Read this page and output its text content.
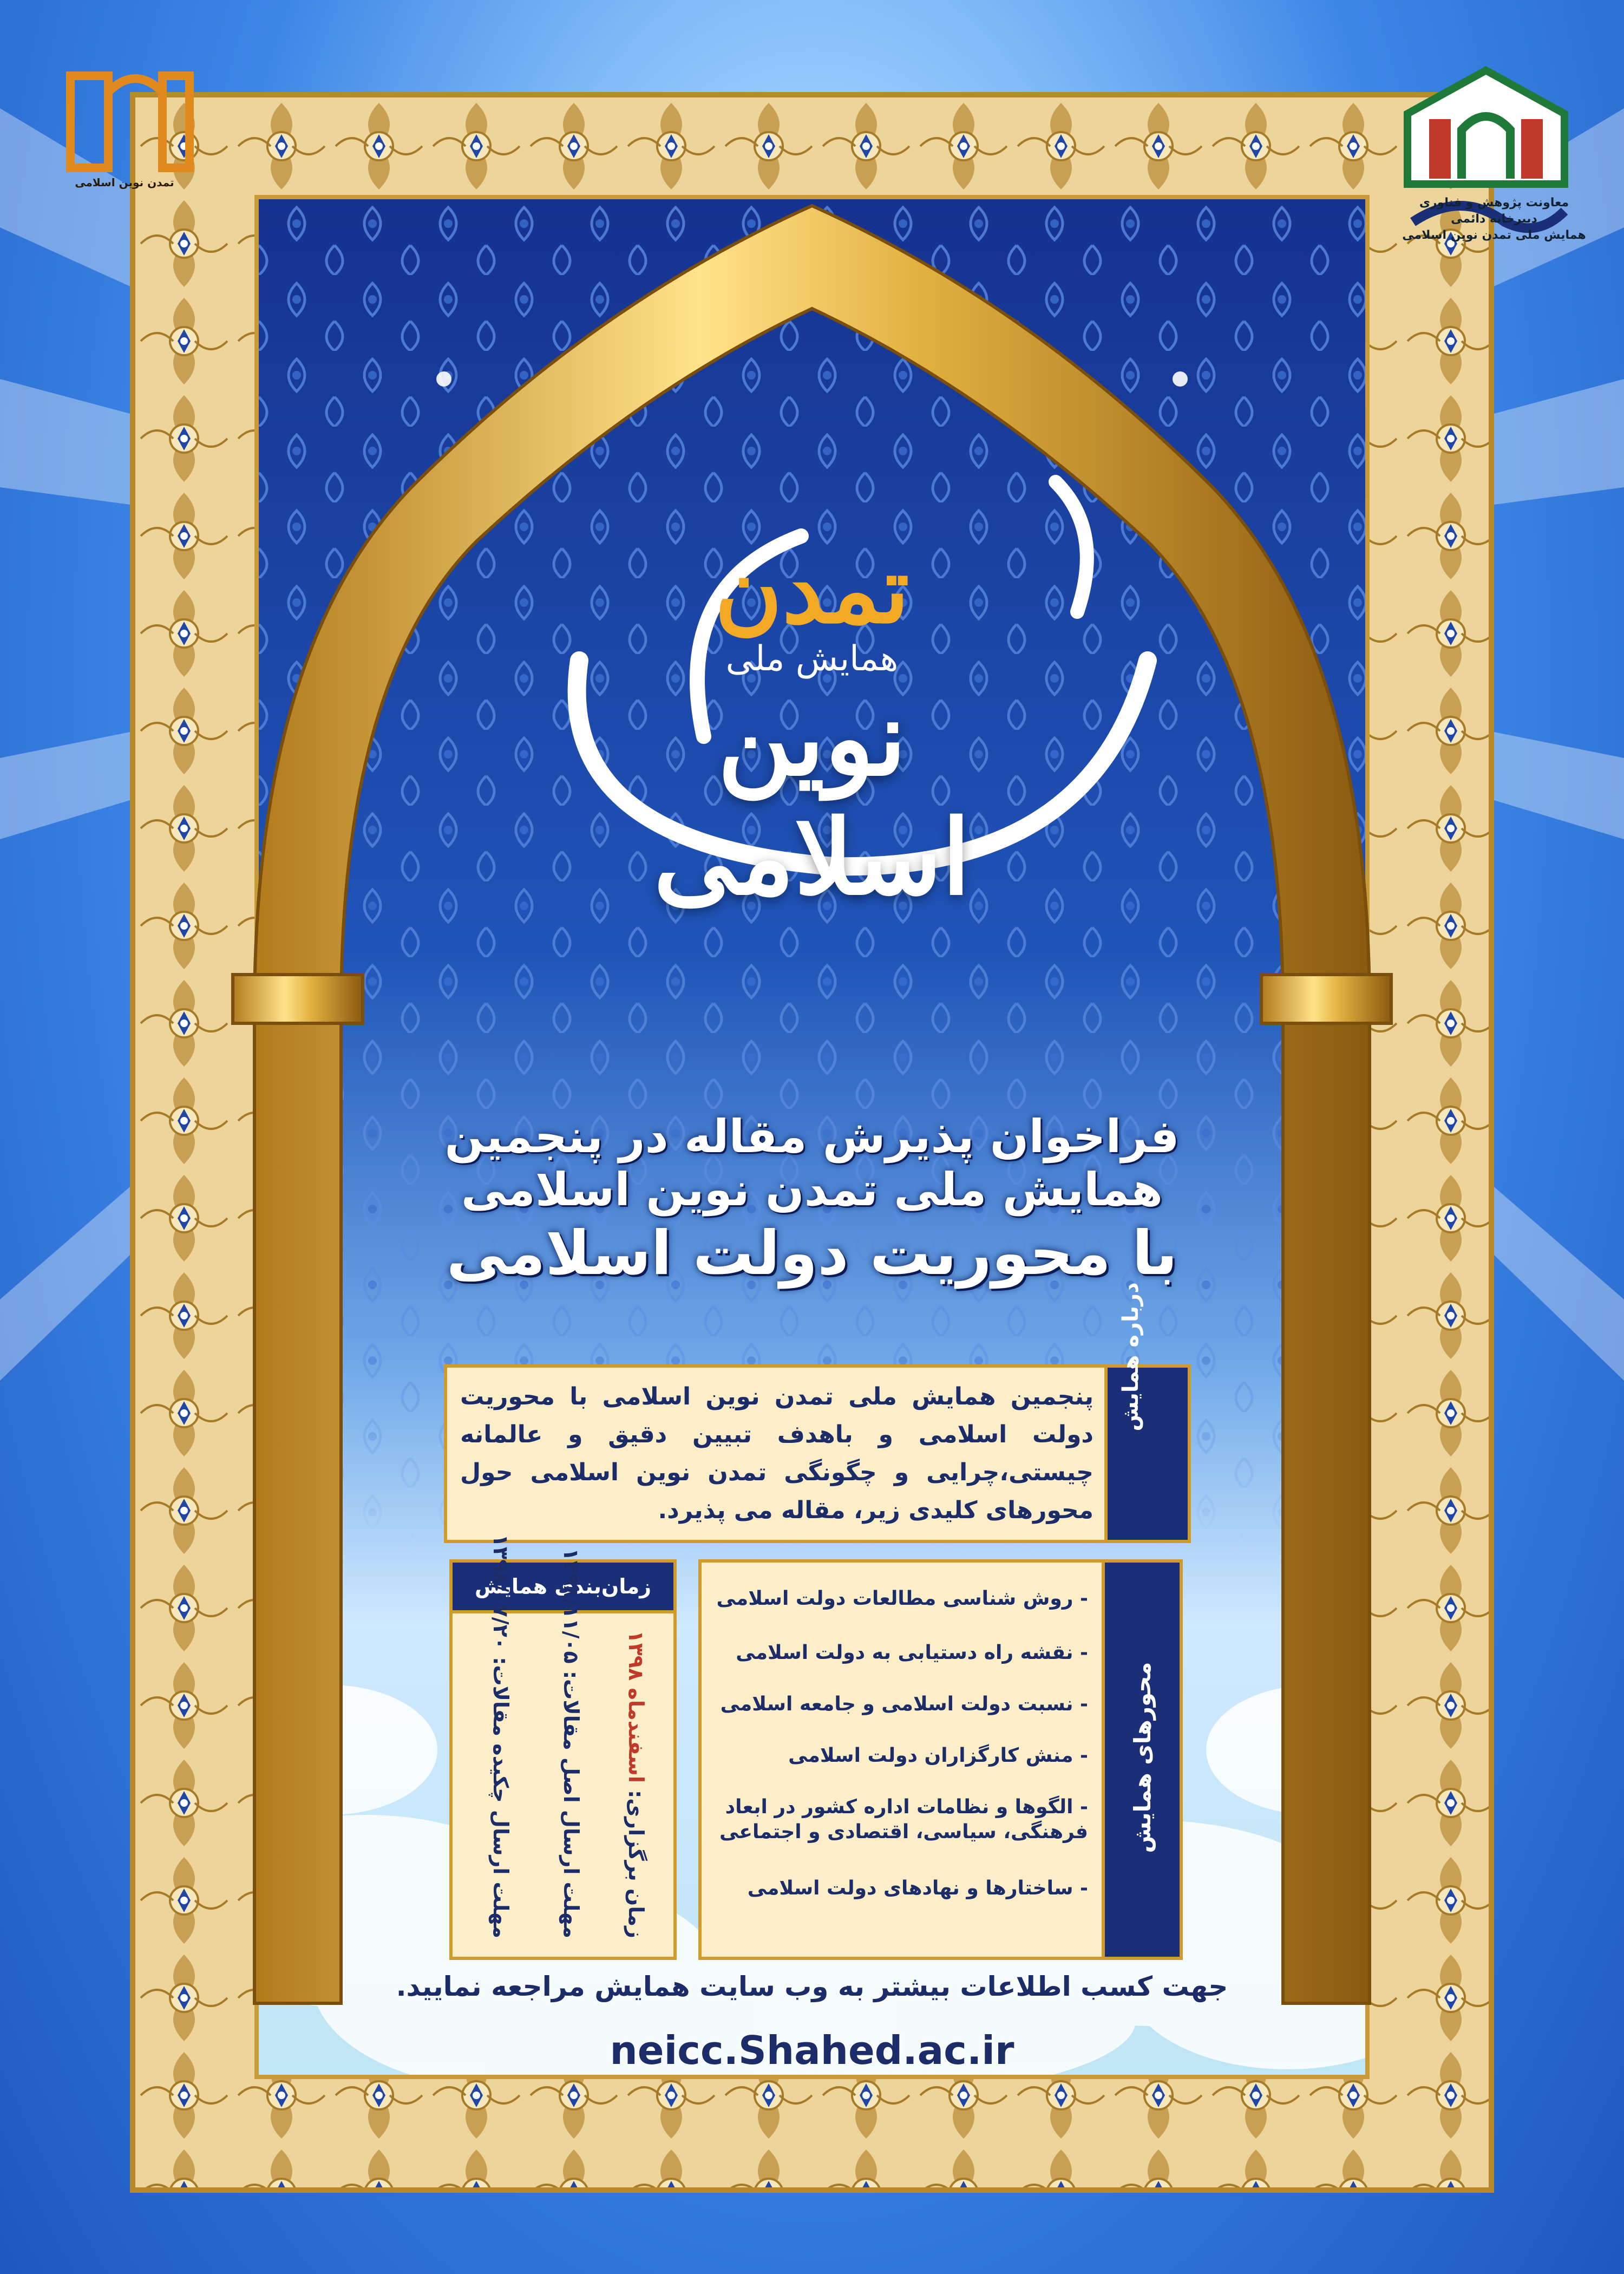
تمدن نوین اسلامی
معاونت پژوهش و فناوری
دبیرخانه دائمی
همایش ملی تمدن نوین اسلامی
تمدن
همایش ملی
نوین
اسلامی
فراخوان پذیرش مقاله در پنجمین همایش ملی تمدن نوین اسلامی
با محوریت دولت اسلامی
درباره همایش
پنجمین همایش ملی تمدن نوین اسلامی با محوریت دولت اسلامی و باهدف تبیین دقیق و عالمانه چیستی،چرایی و چگونگی تمدن نوین اسلامی حول محورهای کلیدی زیر، مقاله می پذیرد.
محورهای همایش
- روش شناسی مطالعات دولت اسلامی
- نقشه راه دستیابی به دولت اسلامی
- نسبت دولت اسلامی و جامعه اسلامی
- منش کارگزاران دولت اسلامی
- الگوها و نظامات اداره کشور در ابعاد فرهنگی، سیاسی، اقتصادی و اجتماعی
- ساختارها و نهادهای دولت اسلامی
زمان‌بندی همایش
زمان برگزاری: اسفندماه ۱۳۹۸
مهلت ارسال اصل مقالات: ۱۳۹۸/۱۱/۰۵
مهلت ارسال چکیده مقالات: ۱۳۹۸/۰۷/۲۰
جهت کسب اطلاعات بیشتر به وب سایت همایش مراجعه نمایید.
neicc.Shahed.ac.ir
